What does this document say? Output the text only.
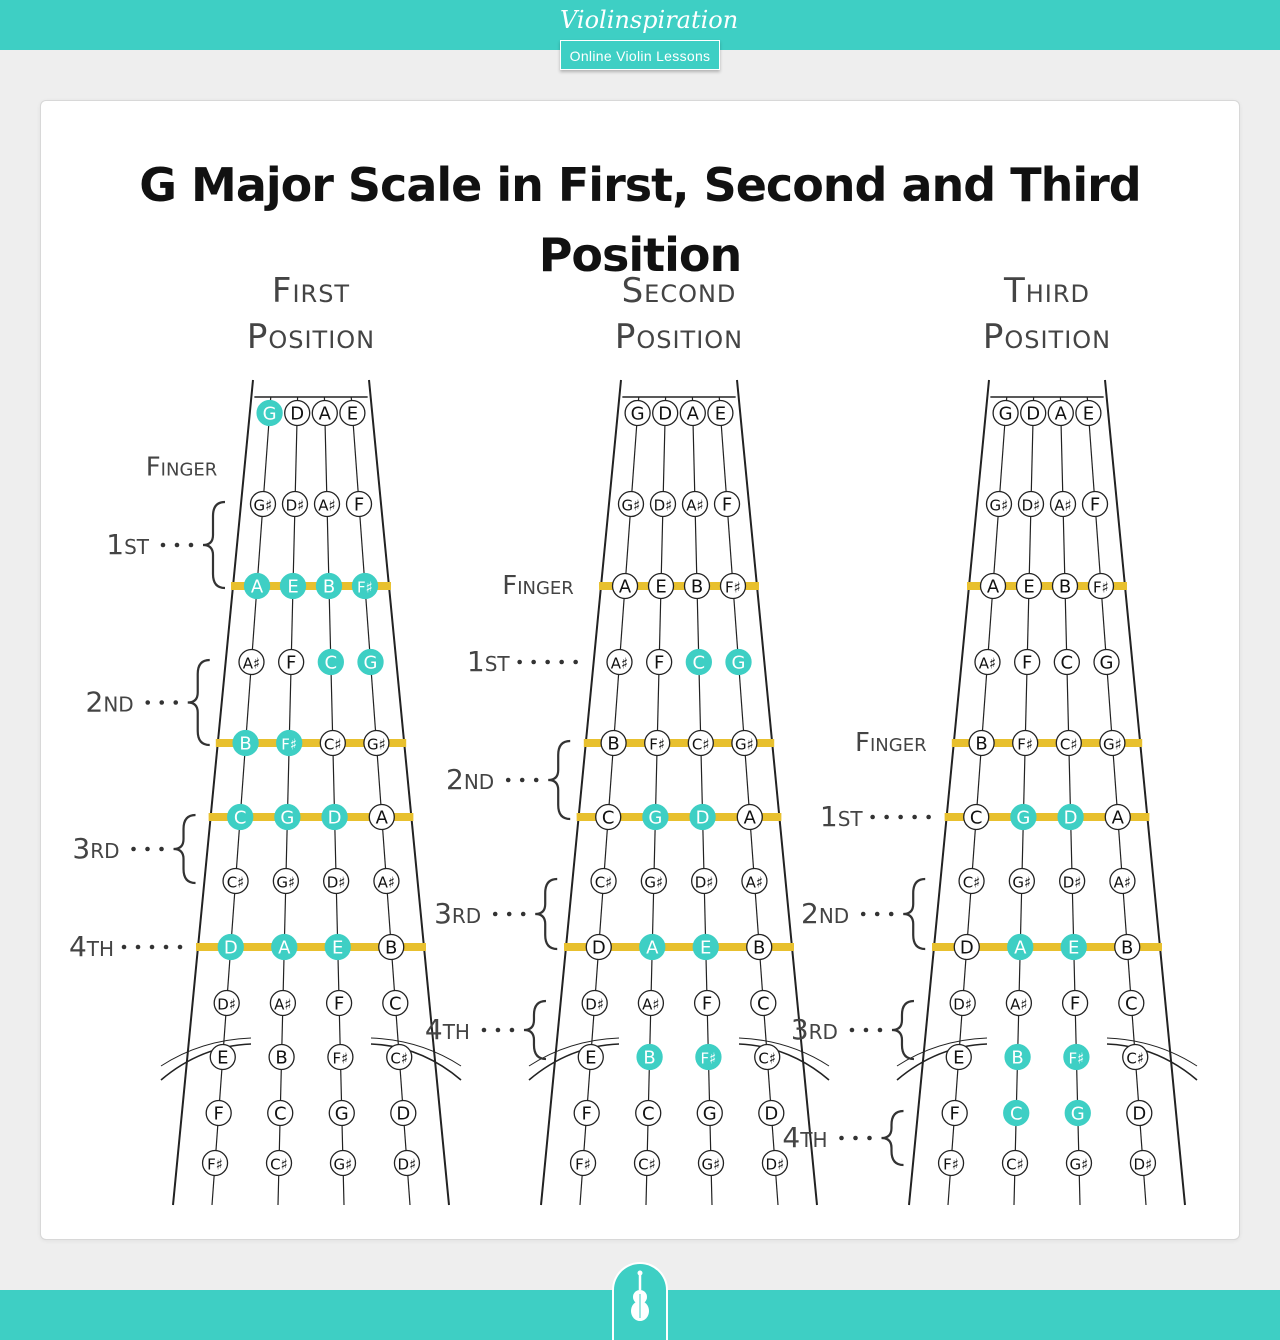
Violinspiration
Online Violin Lessons
G Major Scale in First, Second and Third Position
First
Position
G D A E
G♯ D♯ A♯ F
A E B F♯
A♯ F C G
B F♯ C♯ G♯
C G D A
C♯ G♯ D♯ A♯
D A E B
D♯	A♯ F C
E	B	F♯	C♯
F	C	G	D
F♯	C♯	G♯	D♯
Finger
1st
2nd
3rd
4th
Second
Position
G D A E
G♯ D♯ A♯ F
A E B F♯
A♯ F C G
B F♯ C♯ G♯
C G D A
C♯ G♯ D♯ A♯
D A E B
D♯	A♯ F C
E	B	F♯	C♯
F	C	G	D
F♯	C♯	G♯	D♯
Finger
1st
2nd
3rd
4th
Third
Position
G D A E
G♯ D♯ A♯ F
A E B F♯
A♯ F C G
B F♯ C♯ G♯
C G D A
C♯ G♯ D♯ A♯
D A E B
D♯	A♯ F C
E	B	F♯	C♯
F	C	G	D
F♯	C♯	G♯	D♯
Finger
1st
2nd
3rd
4th
